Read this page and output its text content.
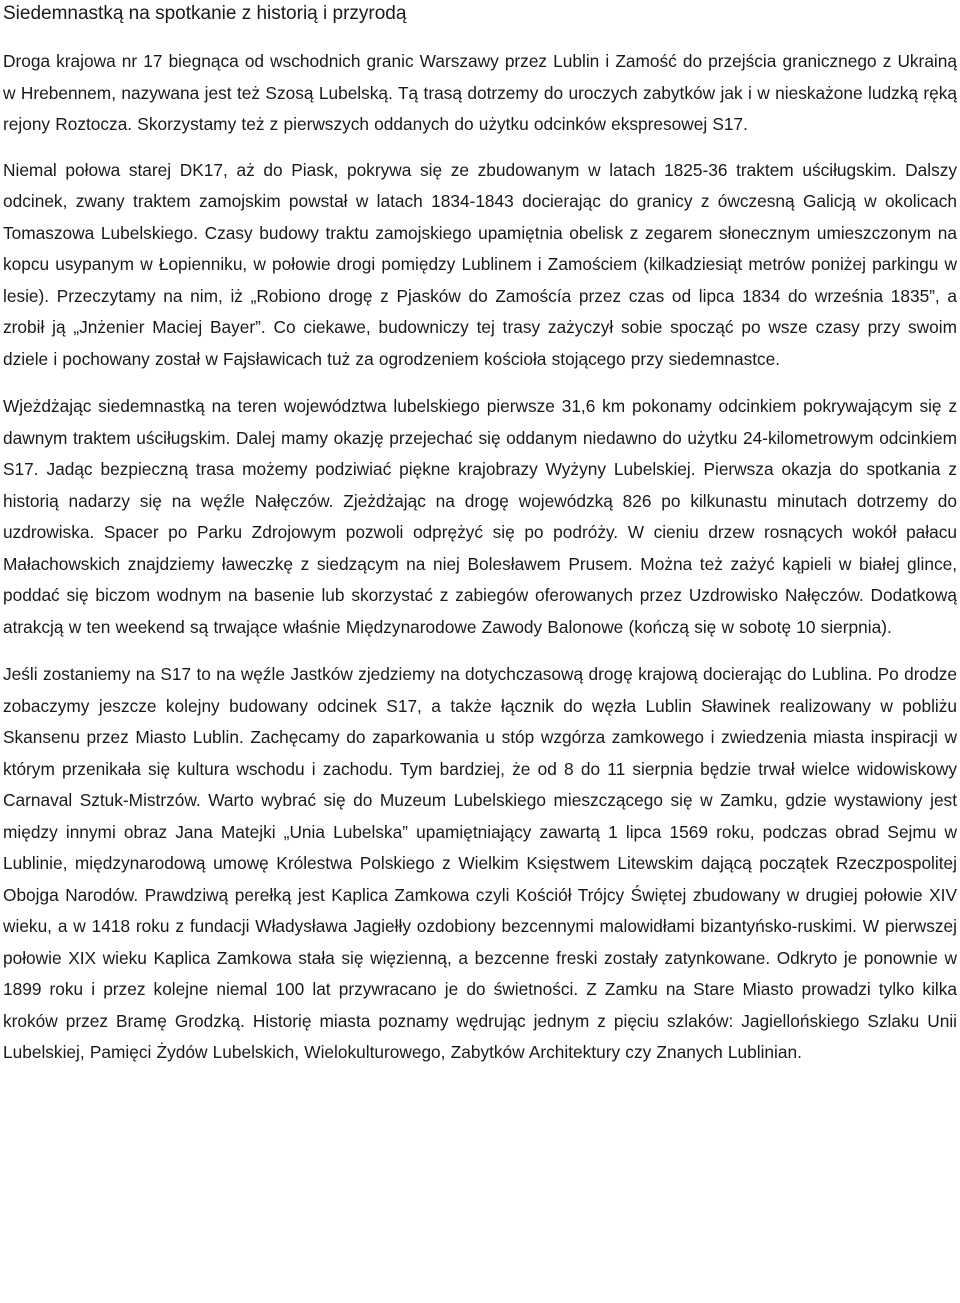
Siedemnastką na spotkanie z historią i przyrodą

Droga krajowa nr 17 biegnąca od wschodnich granic Warszawy przez Lublin i Zamość do przejścia granicznego z Ukrainą w Hrebennem, nazywana jest też Szosą Lubelską. Tą trasą dotrzemy do uroczych zabytków jak i w nieskażone ludzką ręką rejony Roztocza. Skorzystamy też z pierwszych oddanych do użytku odcinków ekspresowej S17.

Niemal połowa starej DK17, aż do Piask, pokrywa się ze zbudowanym w latach 1825-36 traktem uściługskim. Dalszy odcinek, zwany traktem zamojskim powstał w latach 1834-1843 docierając do granicy z ówczesną Galicją w okolicach Tomaszowa Lubelskiego. Czasy budowy traktu zamojskiego upamiętnia obelisk z zegarem słonecznym umieszczonym na kopcu usypanym w Łopienniku, w połowie drogi pomiędzy Lublinem i Zamościem (kilkadziesiąt metrów poniżej parkingu w lesie). Przeczytamy na nim, iż „Robiono drogę z Pjasków do Zamoścía przez czas od lipca 1834 do września 1835”, a zrobił ją „Jnżenier Maciej Bayer”. Co ciekawe, budowniczy tej trasy zażyczył sobie spocząć po wsze czasy przy swoim dziele i pochowany został w Fajsławicach tuż za ogrodzeniem kościoła stojącego przy siedemnastce.

Wjeżdżając siedemnastką na teren województwa lubelskiego pierwsze 31,6 km pokonamy odcinkiem pokrywającym się z dawnym traktem uściługskim. Dalej mamy okazję przejechać się oddanym niedawno do użytku 24-kilometrowym odcinkiem S17. Jadąc bezpieczną trasa możemy podziwiać piękne krajobrazy Wyżyny Lubelskiej. Pierwsza okazja do spotkania z historią nadarzy się na węźle Nałęczów. Zjeżdżając na drogę wojewódzką 826 po kilkunastu minutach dotrzemy do uzdrowiska. Spacer po Parku Zdrojowym pozwoli odprężyć się po podróży. W cieniu drzew rosnących wokół pałacu Małachowskich znajdziemy ławeczkę z siedzącym na niej Bolesławem Prusem. Można też zażyć kąpieli w białej glince, poddać się biczom wodnym na basenie lub skorzystać z zabiegów oferowanych przez Uzdrowisko Nałęczów. Dodatkową atrakcją w ten weekend są trwające właśnie Międzynarodowe Zawody Balonowe (kończą się w sobotę 10 sierpnia).

Jeśli zostaniemy na S17 to na węźle Jastków zjedziemy na dotychczasową drogę krajową docierając do Lublina. Po drodze zobaczymy jeszcze kolejny budowany odcinek S17, a także łącznik do węzła Lublin Sławinek realizowany w pobliżu Skansenu przez Miasto Lublin. Zachęcamy do zaparkowania u stóp wzgórza zamkowego i zwiedzenia miasta inspiracji w którym przenikała się kultura wschodu i zachodu. Tym bardziej, że od 8 do 11 sierpnia będzie trwał wielce widowiskowy Carnaval Sztuk-Mistrzów. Warto wybrać się do Muzeum Lubelskiego mieszczącego się w Zamku, gdzie wystawiony jest między innymi obraz Jana Matejki „Unia Lubelska” upamiętniający zawartą 1 lipca 1569 roku, podczas obrad Sejmu w Lublinie, międzynarodową umowę Królestwa Polskiego z Wielkim Księstwem Litewskim dającą początek Rzeczpospolitej Obojga Narodów. Prawdziwą perełką jest Kaplica Zamkowa czyli Kościół Trójcy Świętej zbudowany w drugiej połowie XIV wieku, a w 1418 roku z fundacji Władysława Jagiełły ozdobiony bezcennymi malowidłami bizantyńsko-ruskimi. W pierwszej połowie XIX wieku Kaplica Zamkowa stała się więzienną, a bezcenne freski zostały zatynkowane. Odkryto je ponownie w 1899 roku i przez kolejne niemal 100 lat przywracano je do świetności. Z Zamku na Stare Miasto prowadzi tylko kilka kroków przez Bramę Grodzką. Historię miasta poznamy wędrując jednym z pięciu szlaków: Jagiellońskiego Szlaku Unii Lubelskiej, Pamięci Żydów Lubelskich, Wielokulturowego, Zabytków Architektury czy Znanych Lublinian.
